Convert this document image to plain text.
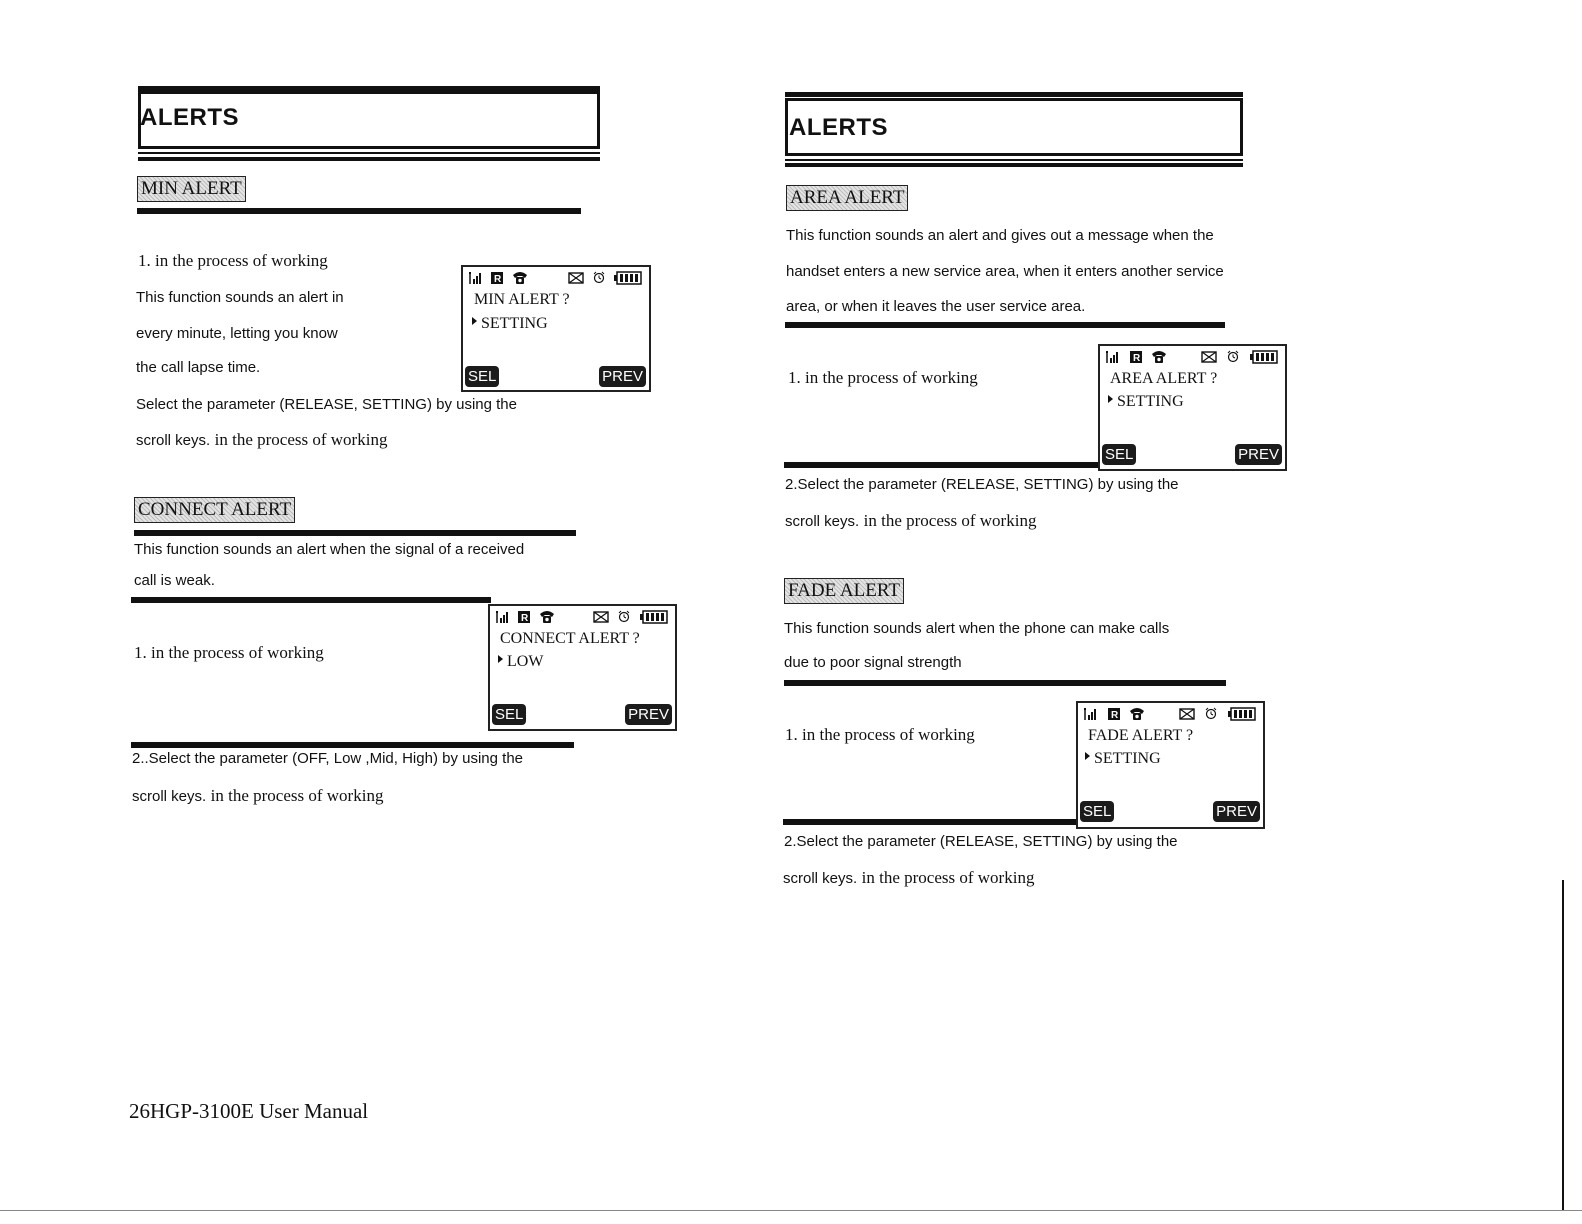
ALERTS
MIN ALERT
1. in the process of working
This function sounds an alert in
every minute, letting you know
the call lapse time.
Select the parameter (RELEASE, SETTING) by using the
scroll keys. in the process of working
R
MIN ALERT ?
SETTING
SEL	PREV
CONNECT ALERT
This function sounds an alert when the signal of a received
call is weak.
1. in the process of working
2..Select the parameter (OFF, Low ,Mid, High) by using the
scroll keys. in the process of working
R
CONNECT ALERT ?
LOW
SEL	PREV
26HGP-3100E User Manual
ALERTS
AREA ALERT
This function sounds an alert and gives out a message when the
handset enters a new service area, when it enters another service
area, or when it leaves the user service area.
1. in the process of working
2.Select the parameter (RELEASE, SETTING) by using the
scroll keys. in the process of working
R
AREA ALERT ?
SETTING
SEL	PREV
FADE ALERT
This function sounds alert when the phone can make calls
due to poor signal strength
1. in the process of working
2.Select the parameter (RELEASE, SETTING) by using the
scroll keys. in the process of working
R
FADE ALERT ?
SETTING
SEL	PREV
